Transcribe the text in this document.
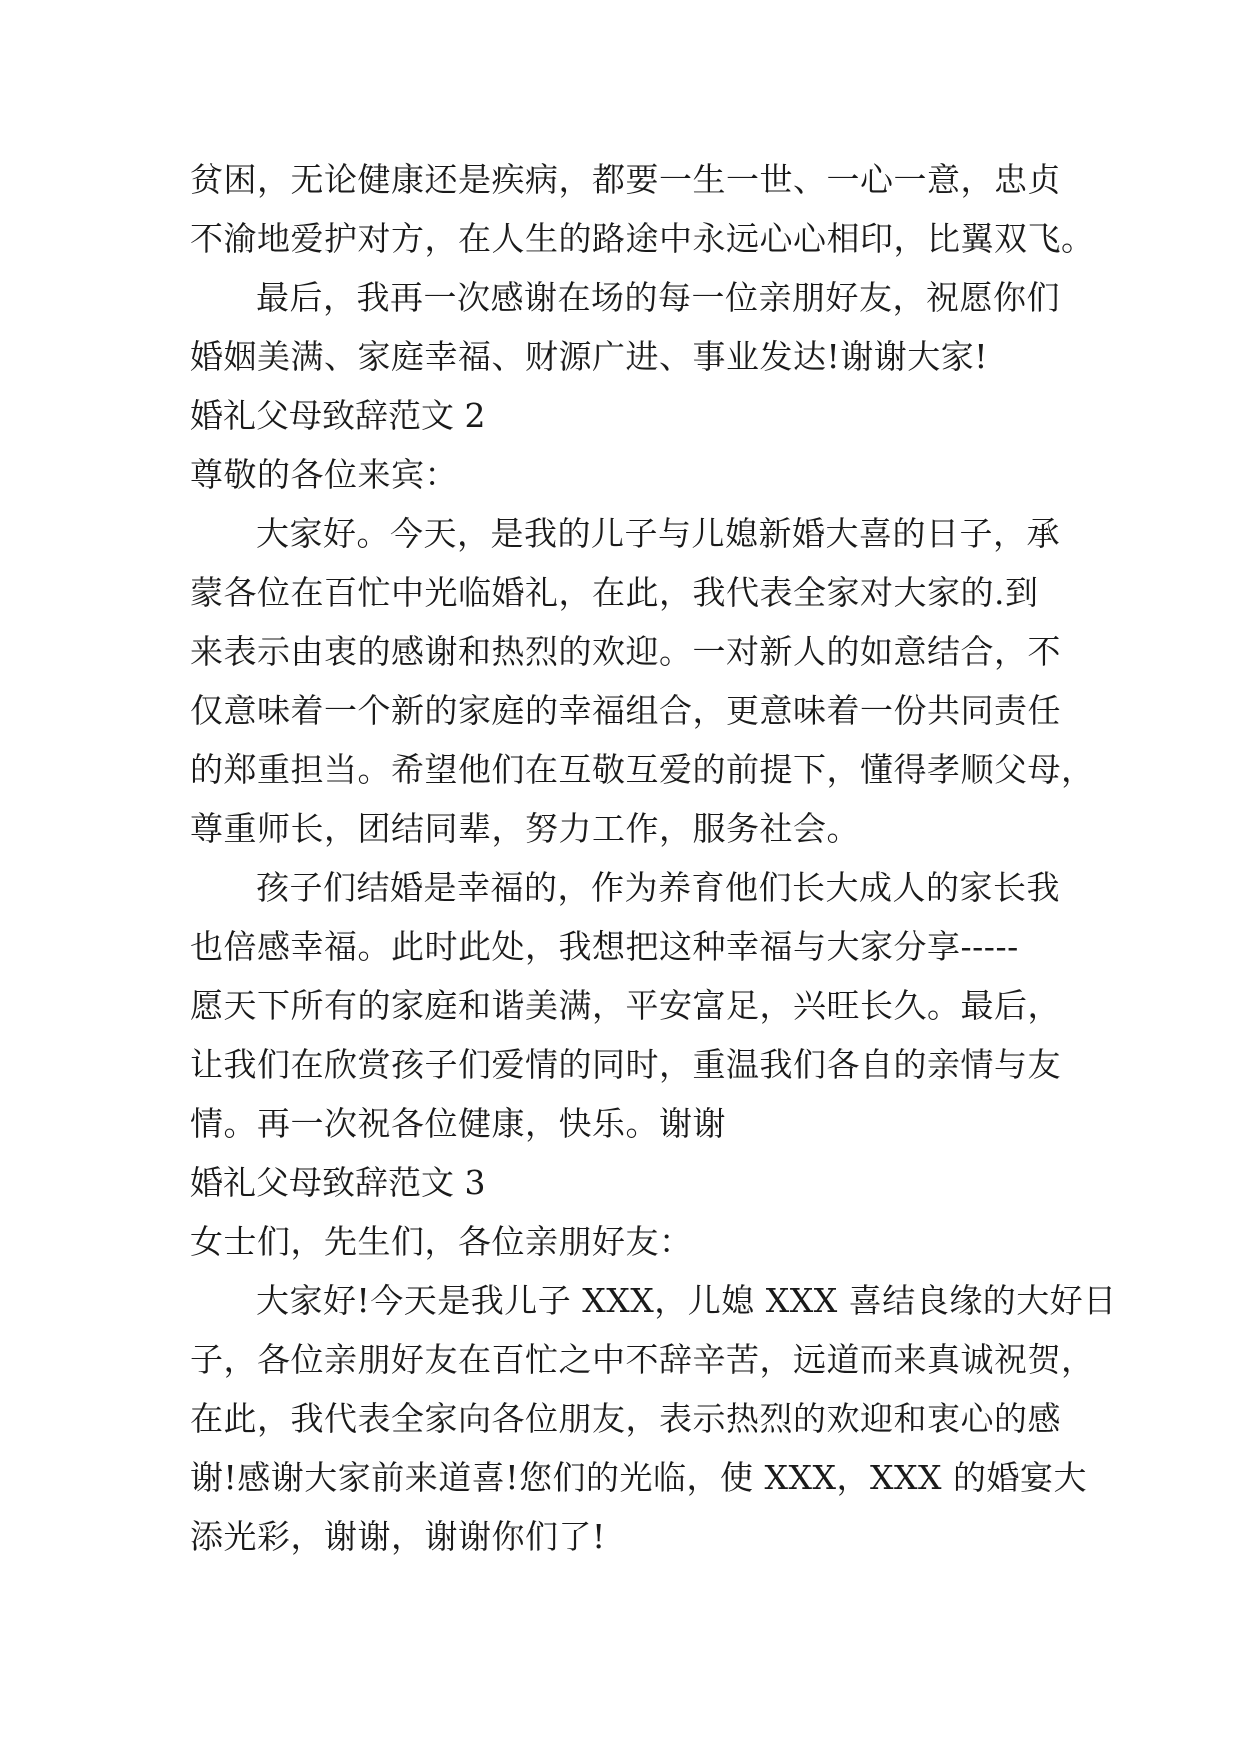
贫困，无论健康还是疾病，都要一生一世、一心一意，忠贞

不渝地爱护对方，在人生的路途中永远心心相印，比翼双飞。

最后，我再一次感谢在场的每一位亲朋好友，祝愿你们

婚姻美满、家庭幸福、财源广进、事业发达!谢谢大家!

婚礼父母致辞范文 2

尊敬的各位来宾：

大家好。今天，是我的儿子与儿媳新婚大喜的日子，承

蒙各位在百忙中光临婚礼，在此，我代表全家对大家的.到

来表示由衷的感谢和热烈的欢迎。一对新人的如意结合，不

仅意味着一个新的家庭的幸福组合，更意味着一份共同责任

的郑重担当。希望他们在互敬互爱的前提下，懂得孝顺父母，

尊重师长，团结同辈，努力工作，服务社会。

孩子们结婚是幸福的，作为养育他们长大成人的家长我

也倍感幸福。此时此处，我想把这种幸福与大家分享-----

愿天下所有的家庭和谐美满，平安富足，兴旺长久。最后，

让我们在欣赏孩子们爱情的同时，重温我们各自的亲情与友

情。再一次祝各位健康，快乐。谢谢

婚礼父母致辞范文 3

女士们，先生们，各位亲朋好友：

大家好!今天是我儿子 XXX，儿媳 XXX 喜结良缘的大好日

子，各位亲朋好友在百忙之中不辞辛苦，远道而来真诚祝贺，

在此，我代表全家向各位朋友，表示热烈的欢迎和衷心的感

谢!感谢大家前来道喜!您们的光临，使 XXX，XXX 的婚宴大

添光彩，谢谢，谢谢你们了!
